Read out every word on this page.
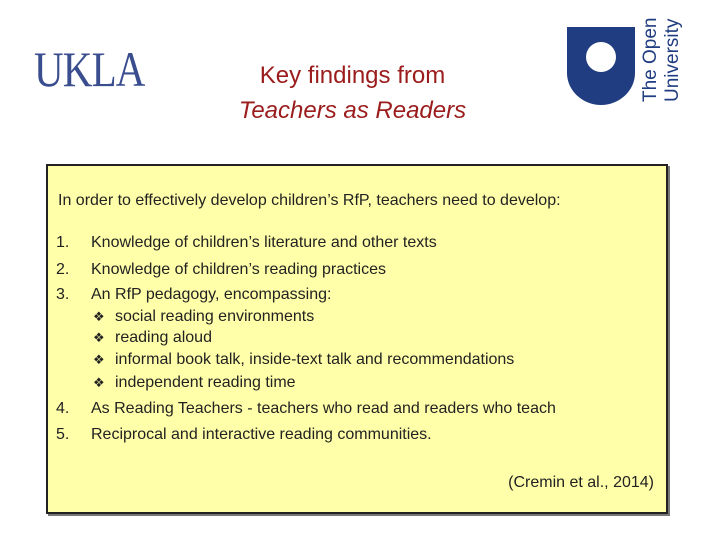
UKLA	Key findings from
Teachers as Readers
The Open
University
In order to effectively develop children’s RfP, teachers need to develop:
1.	Knowledge of children’s literature and other texts
2.	Knowledge of children’s reading practices
3.	An RfP pedagogy, encompassing:
❖ social reading environments
❖ reading aloud
❖ informal book talk, inside-text talk and recommendations
❖ independent reading time
4.	As Reading Teachers - teachers who read and readers who teach
5.	Reciprocal and interactive reading communities.
(Cremin et al., 2014)
